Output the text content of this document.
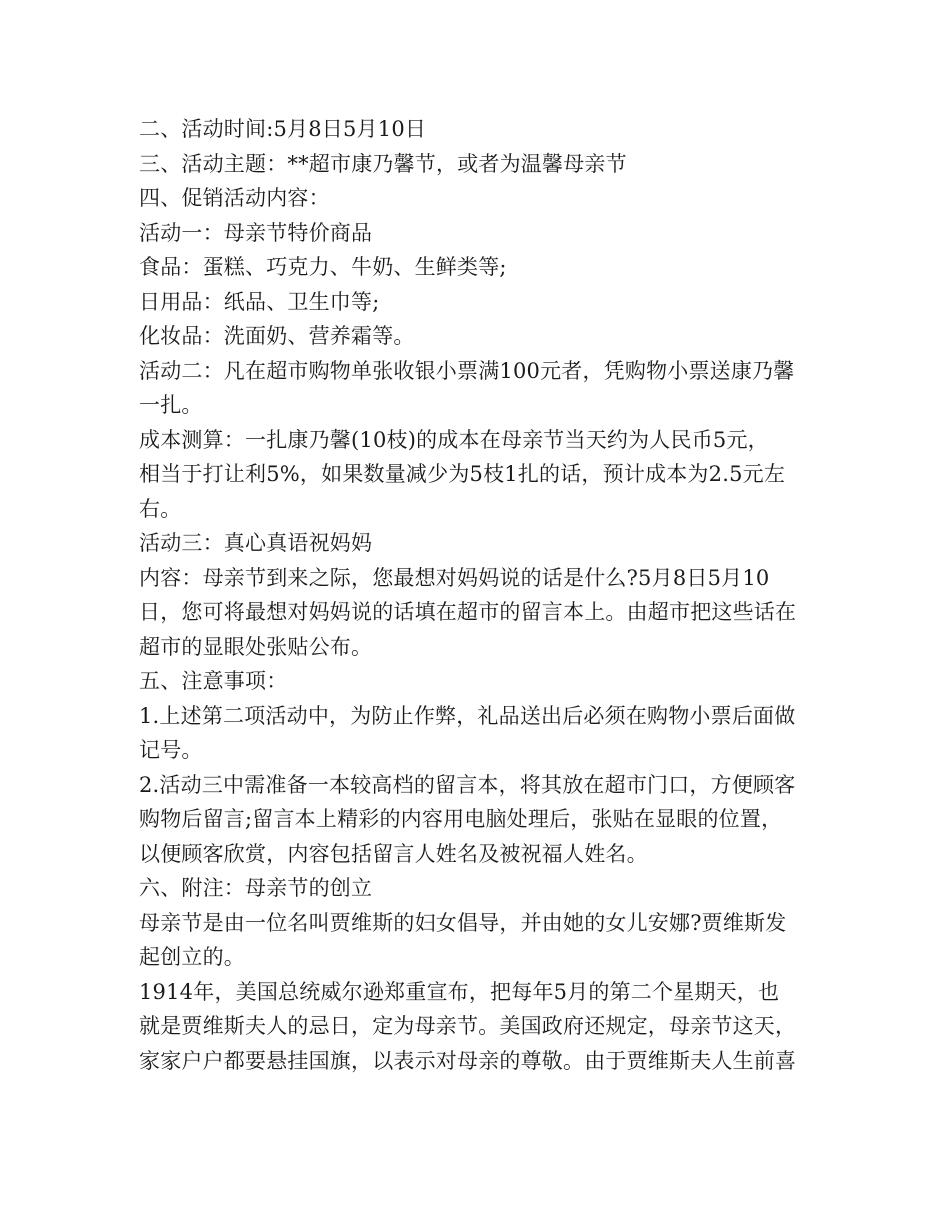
二、活动时间:5月8日5月10日

三、活动主题：**超市康乃馨节，或者为温馨母亲节

四、促销活动内容：

活动一：母亲节特价商品

食品：蛋糕、巧克力、牛奶、生鲜类等;

日用品：纸品、卫生巾等;

化妆品：洗面奶、营养霜等。

活动二：凡在超市购物单张收银小票满100元者，凭购物小票送康乃馨

一扎。

成本测算：一扎康乃馨(10枝)的成本在母亲节当天约为人民币5元，

相当于打让利5%，如果数量减少为5枝1扎的话，预计成本为2.5元左

右。

活动三：真心真语祝妈妈

内容：母亲节到来之际，您最想对妈妈说的话是什么?5月8日5月10

日，您可将最想对妈妈说的话填在超市的留言本上。由超市把这些话在

超市的显眼处张贴公布。

五、注意事项：

1.上述第二项活动中，为防止作弊，礼品送出后必须在购物小票后面做

记号。

2.活动三中需准备一本较高档的留言本，将其放在超市门口，方便顾客

购物后留言;留言本上精彩的内容用电脑处理后，张贴在显眼的位置，

以便顾客欣赏，内容包括留言人姓名及被祝福人姓名。

六、附注：母亲节的创立

母亲节是由一位名叫贾维斯的妇女倡导，并由她的女儿安娜?贾维斯发

起创立的。

1914年，美国总统威尔逊郑重宣布，把每年5月的第二个星期天，也

就是贾维斯夫人的忌日，定为母亲节。美国政府还规定，母亲节这天，

家家户户都要悬挂国旗，以表示对母亲的尊敬。由于贾维斯夫人生前喜
